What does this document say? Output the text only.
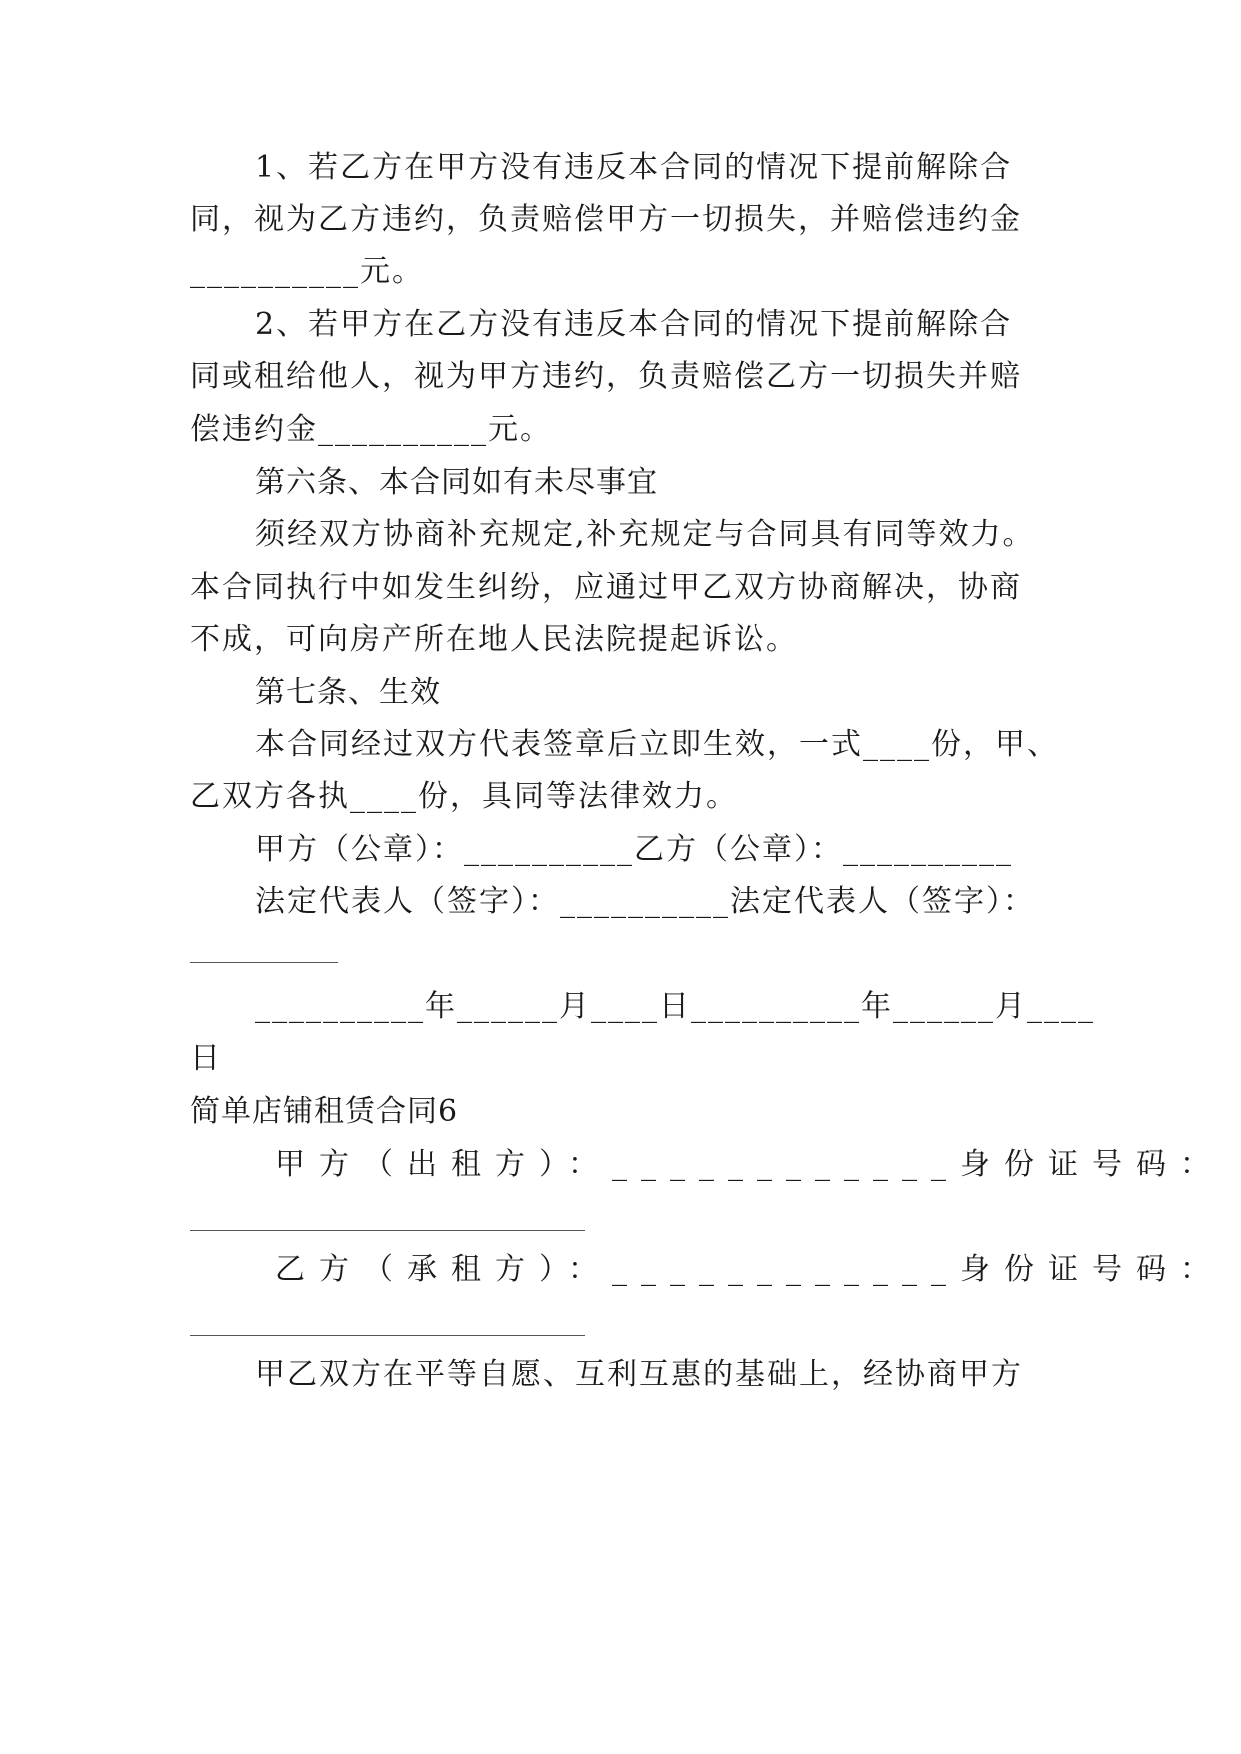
1、若乙方在甲方没有违反本合同的情况下提前解除合
同，视为乙方违约，负责赔偿甲方一切损失，并赔偿违约金
__________元。
2、若甲方在乙方没有违反本合同的情况下提前解除合
同或租给他人，视为甲方违约，负责赔偿乙方一切损失并赔
偿违约金__________元。
第六条、本合同如有未尽事宜
须经双方协商补充规定,补充规定与合同具有同等效力。
本合同执行中如发生纠纷，应通过甲乙双方协商解决，协商
不成，可向房产所在地人民法院提起诉讼。
第七条、生效
本合同经过双方代表签章后立即生效，一式____份，甲、
乙双方各执____份，具同等法律效力。
甲方（公章）：__________乙方（公章）：__________
法定代表人（签字）：__________法定代表人（签字）：
__________年______月____日__________年______月____
日
简单店铺租赁合同6
甲方（出租方）：____________身份证号码：
乙方（承租方）：____________身份证号码：
甲乙双方在平等自愿、互利互惠的基础上，经协商甲方
